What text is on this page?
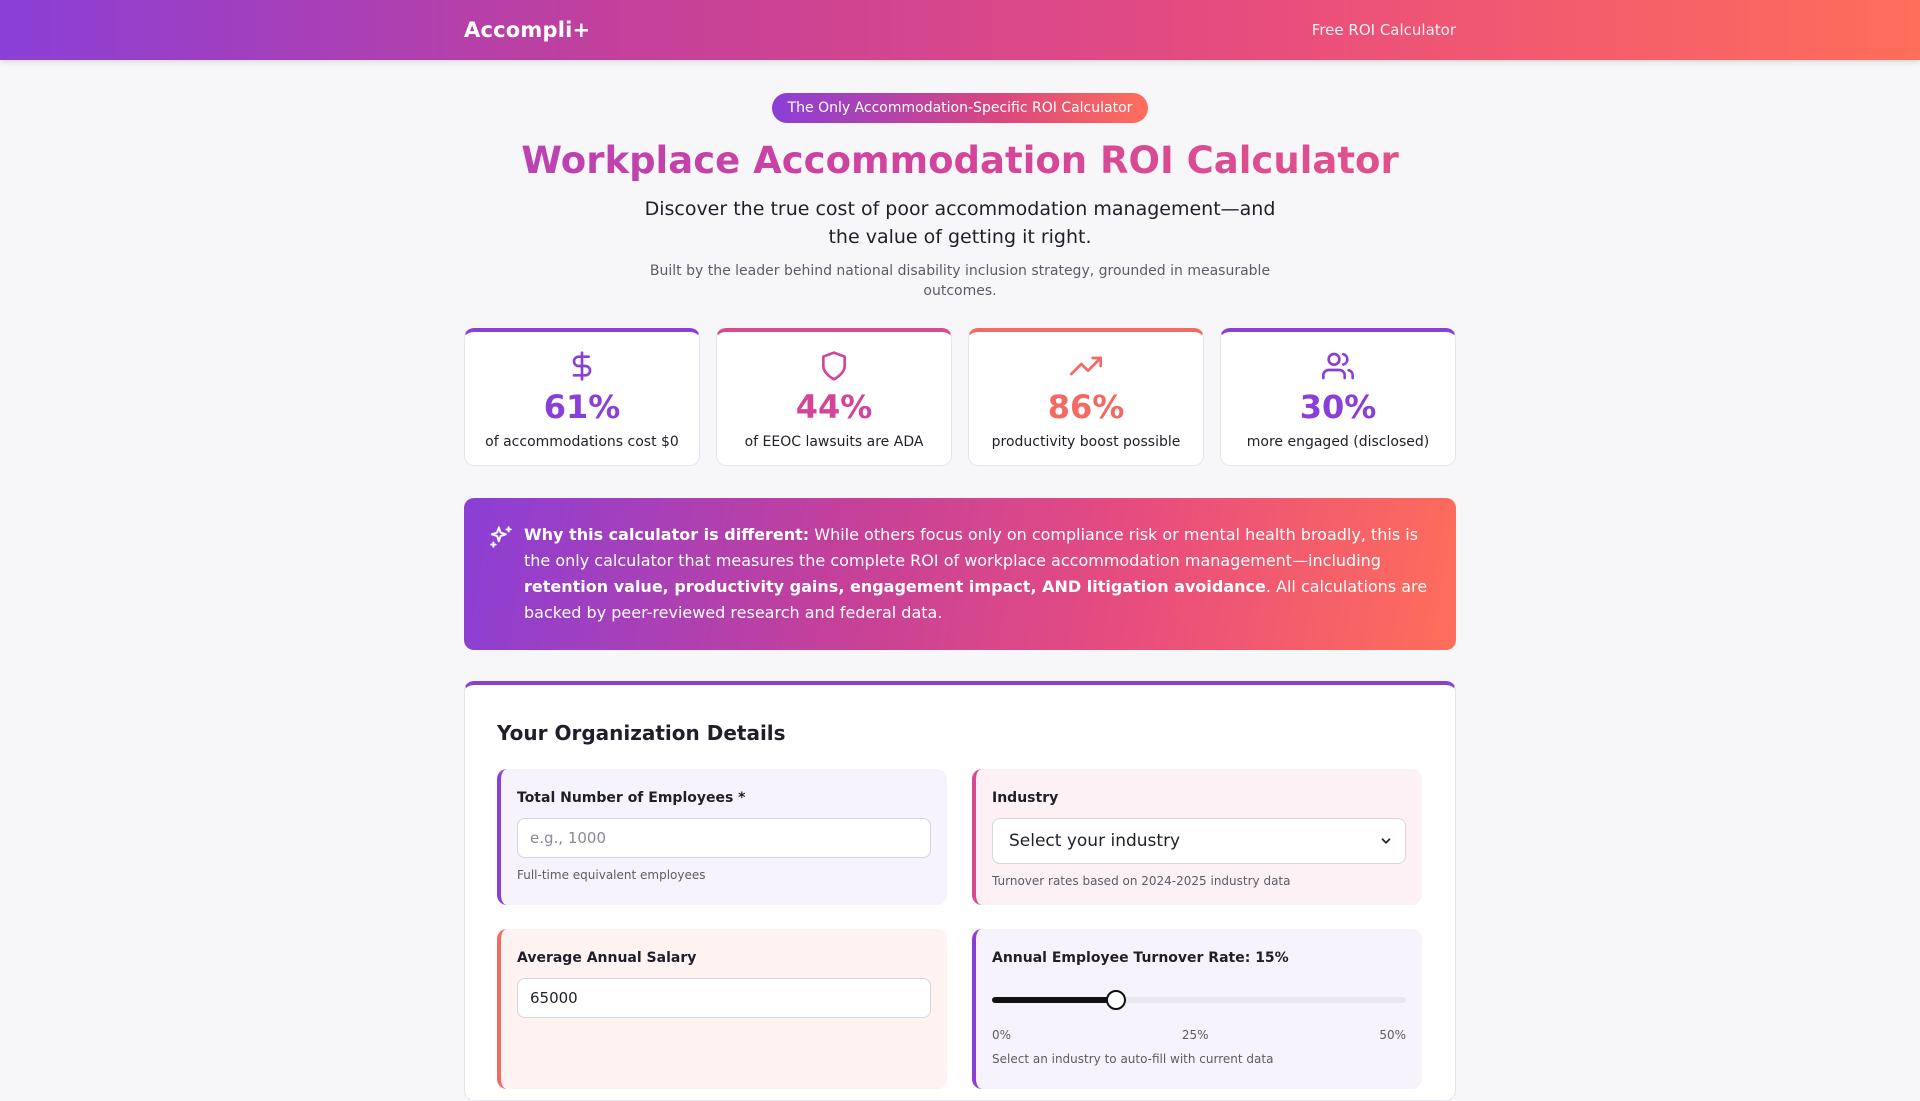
Accompli+	Free ROI Calculator
The Only Accommodation-Specific ROI Calculator
Workplace Accommodation ROI Calculator

Discover the true cost of poor accommodation management—and the value of getting it right.

Built by the leader behind national disability inclusion strategy, grounded in measurable outcomes.

61%
of accommodations cost $0
44%
of EEOC lawsuits are ADA
86%
productivity boost possible
30%
more engaged (disclosed)

Why this calculator is different: While others focus only on compliance risk or mental health broadly, this is the only calculator that measures the complete ROI of workplace accommodation management—including retention value, productivity gains, engagement impact, AND litigation avoidance. All calculations are backed by peer-reviewed research and federal data.

Your Organization Details
Total Number of Employees *
e.g., 1000
Full-time equivalent employees
Industry
Select your industry
Turnover rates based on 2024-2025 industry data
Average Annual Salary
65000	Annual Employee Turnover Rate: 15%
0%	25%	50%
Select an industry to auto-fill with current data
